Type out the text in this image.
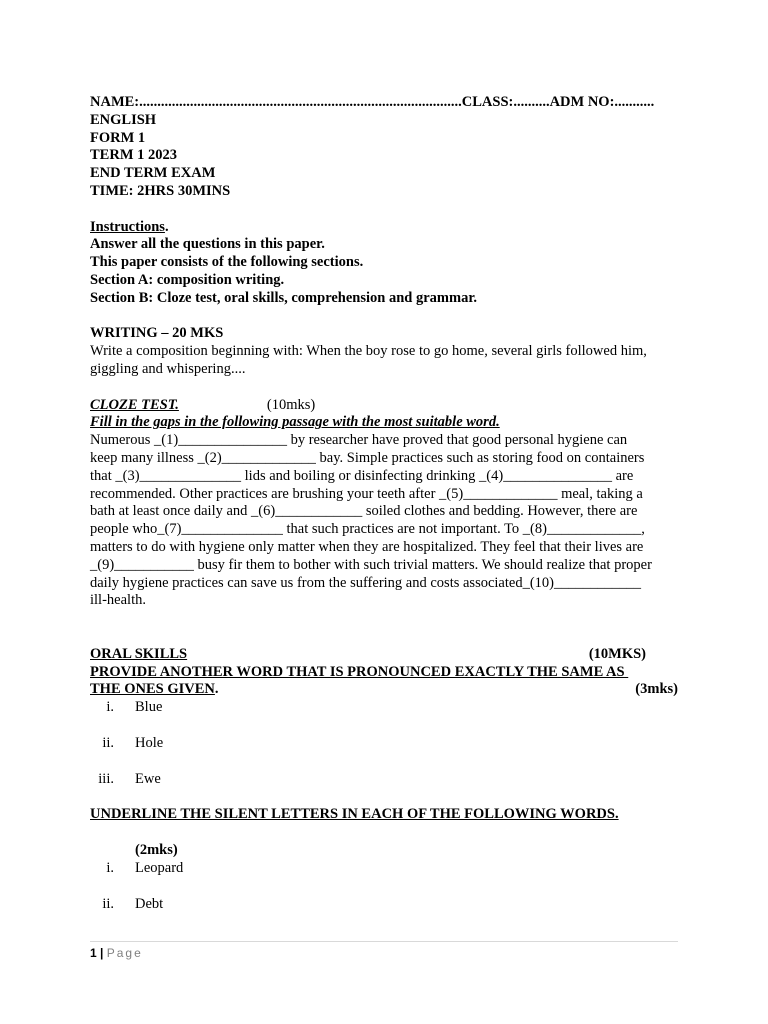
NAME:.........................................................................................CLASS:..........ADM NO:...........
ENGLISH
FORM 1
TERM 1 2023
END TERM EXAM
TIME: 2HRS 30MINS
Instructions.
Answer all the questions in this paper.
This paper consists of the following sections.
Section A: composition writing.
Section B: Cloze test, oral skills, comprehension and grammar.
WRITING – 20 MKS
Write a composition beginning with: When the boy rose to go home, several girls followed him,
giggling and whispering....
CLOZE TEST.	(10mks)
Fill in the gaps in the following passage with the most suitable word.
Numerous _(1)_______________ by researcher have proved that good personal hygiene can
keep many illness _(2)_____________ bay. Simple practices such as storing food on containers
that _(3)______________ lids and boiling or disinfecting drinking _(4)_______________ are
recommended. Other practices are brushing your teeth after _(5)_____________ meal, taking a
bath at least once daily and _(6)____________ soiled clothes and bedding. However, there are
people who_(7)______________ that such practices are not important. To _(8)_____________,
matters to do with hygiene only matter when they are hospitalized. They feel that their lives are
_(9)___________ busy fir them to bother with such trivial matters. We should realize that proper
daily hygiene practices can save us from the suffering and costs associated_(10)____________
ill-health.
ORAL SKILLS	(10MKS)
PROVIDE ANOTHER WORD THAT IS PRONOUNCED EXACTLY THE SAME AS
THE ONES GIVEN.	(3mks)
i.	Blue
ii.	Hole
iii.	Ewe
UNDERLINE THE SILENT LETTERS IN EACH OF THE FOLLOWING WORDS.
(2mks)
i.	Leopard
ii.	Debt
1 | Page
